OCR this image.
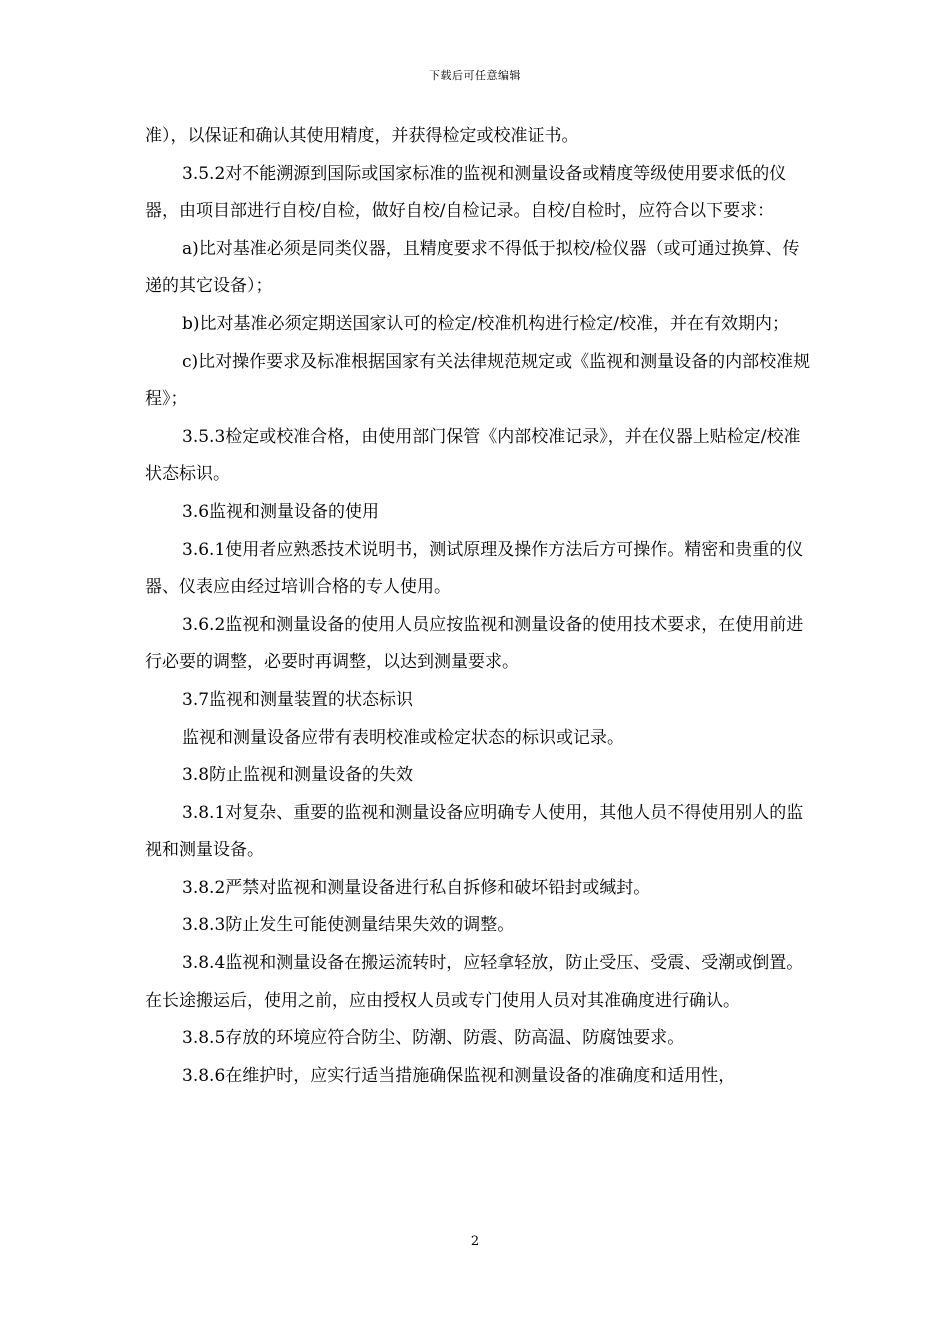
下载后可任意编辑

准），以保证和确认其使用精度，并获得检定或校准证书。

3.5.2对不能溯源到国际或国家标准的监视和测量设备或精度等级使用要求低的仪器，由项目部进行自校/自检，做好自校/自检记录。自校/自检时，应符合以下要求：

a)比对基准必须是同类仪器，且精度要求不得低于拟校/检仪器（或可通过换算、传递的其它设备）；

b)比对基准必须定期送国家认可的检定/校准机构进行检定/校准，并在有效期内；

c)比对操作要求及标准根据国家有关法律规范规定或《监视和测量设备的内部校准规程》；

3.5.3检定或校准合格，由使用部门保管《内部校准记录》，并在仪器上贴检定/校准状态标识。

3.6监视和测量设备的使用

3.6.1使用者应熟悉技术说明书，测试原理及操作方法后方可操作。精密和贵重的仪器、仪表应由经过培训合格的专人使用。

3.6.2监视和测量设备的使用人员应按监视和测量设备的使用技术要求，在使用前进行必要的调整，必要时再调整，以达到测量要求。

3.7监视和测量装置的状态标识

监视和测量设备应带有表明校准或检定状态的标识或记录。

3.8防止监视和测量设备的失效

3.8.1对复杂、重要的监视和测量设备应明确专人使用，其他人员不得使用别人的监视和测量设备。

3.8.2严禁对监视和测量设备进行私自拆修和破坏铅封或缄封。

3.8.3防止发生可能使测量结果失效的调整。

3.8.4监视和测量设备在搬运流转时，应轻拿轻放，防止受压、受震、受潮或倒置。在长途搬运后，使用之前，应由授权人员或专门使用人员对其准确度进行确认。

3.8.5存放的环境应符合防尘、防潮、防震、防高温、防腐蚀要求。

3.8.6在维护时，应实行适当措施确保监视和测量设备的准确度和适用性，

2
